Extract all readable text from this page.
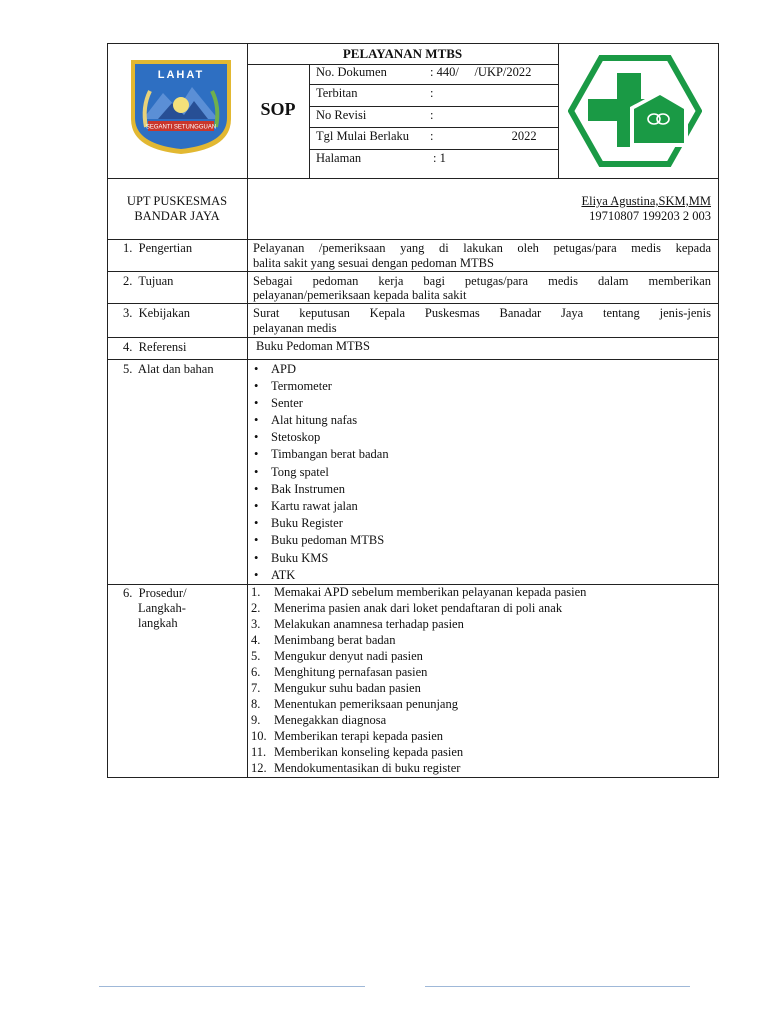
SEGANTI SETUNGGUAN
LAHAT
PELAYANAN MTBS
SOP
No. Dokumen	: 440/     /UKP/2022
Terbitan	:
No Revisi	:
Tgl Mulai Berlaku :                         2022
Halaman	: 1
UPT PUSKESMAS
BANDAR JAYA
Eliya Agustina,SKM,MM
19710807 199203 2 003
1.  Pengertian	Pelayanan /pemeriksaan yang di lakukan oleh petugas/para medis kepada
balita sakit yang sesuai dengan pedoman MTBS
2.  Tujuan	Sebagai pedoman kerja bagi petugas/para medis dalam memberikan
pelayanan/pemeriksaan kepada balita sakit
3.  Kebijakan	Surat keputusan Kepala Puskesmas Banadar Jaya tentang jenis-jenis
pelayanan medis
4.  Referensi	Buku Pedoman MTBS
5.  Alat dan bahan
•	APD
• Termometer
• Senter
• Alat hitung nafas
• Stetoskop
• Timbangan berat badan
• Tong spatel
• Bak Instrumen
• Kartu rawat jalan
• Buku Register
• Buku pedoman MTBS
• Buku KMS
• ATK
6.  Prosedur/
Langkah-
langkah
1. Memakai APD sebelum memberikan pelayanan kepada pasien
2. Menerima pasien anak dari loket pendaftaran di poli anak
3. Melakukan anamnesa terhadap pasien
4. Menimbang berat badan
5. Mengukur denyut nadi pasien
6. Menghitung pernafasan pasien
7. Mengukur suhu badan pasien
8. Menentukan pemeriksaan penunjang
9. Menegakkan diagnosa
10. Memberikan terapi kepada pasien
11. Memberikan konseling kepada pasien
12. Mendokumentasikan di buku register
